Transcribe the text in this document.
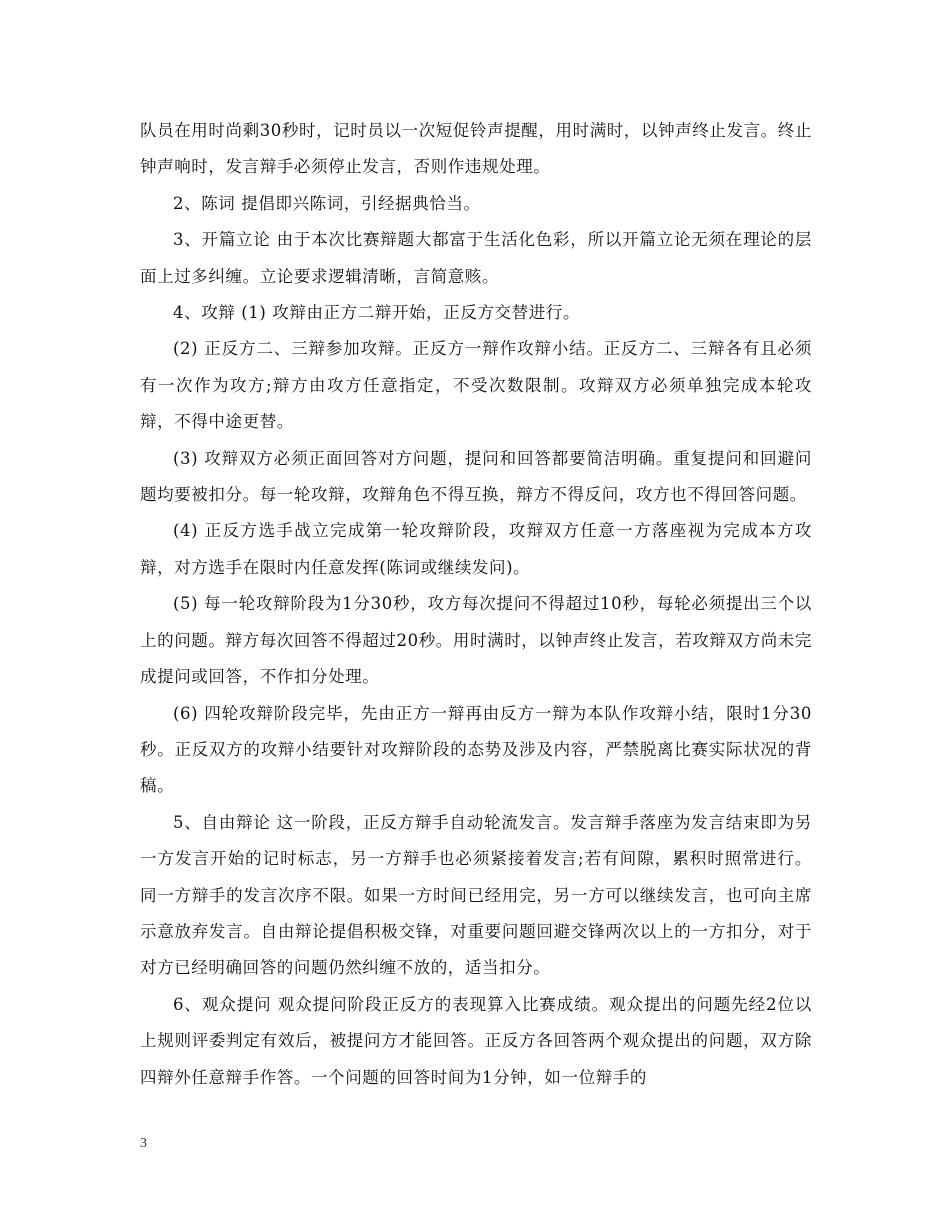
队员在用时尚剩30秒时，记时员以一次短促铃声提醒，用时满时，以钟声终止发言。终止钟声响时，发言辩手必须停止发言，否则作违规处理。

2、陈词 提倡即兴陈词，引经据典恰当。

3、开篇立论 由于本次比赛辩题大都富于生活化色彩，所以开篇立论无须在理论的层面上过多纠缠。立论要求逻辑清晰，言简意赅。

4、攻辩 (1) 攻辩由正方二辩开始，正反方交替进行。

(2) 正反方二、三辩参加攻辩。正反方一辩作攻辩小结。正反方二、三辩各有且必须有一次作为攻方;辩方由攻方任意指定，不受次数限制。攻辩双方必须单独完成本轮攻辩，不得中途更替。

(3) 攻辩双方必须正面回答对方问题，提问和回答都要简洁明确。重复提问和回避问题均要被扣分。每一轮攻辩，攻辩角色不得互换，辩方不得反问，攻方也不得回答问题。

(4) 正反方选手战立完成第一轮攻辩阶段，攻辩双方任意一方落座视为完成本方攻辩，对方选手在限时内任意发挥(陈词或继续发问)。

(5) 每一轮攻辩阶段为1分30秒，攻方每次提问不得超过10秒，每轮必须提出三个以上的问题。辩方每次回答不得超过20秒。用时满时，以钟声终止发言，若攻辩双方尚未完成提问或回答，不作扣分处理。

(6) 四轮攻辩阶段完毕，先由正方一辩再由反方一辩为本队作攻辩小结，限时1分30秒。正反双方的攻辩小结要针对攻辩阶段的态势及涉及内容，严禁脱离比赛实际状况的背稿。

5、自由辩论 这一阶段，正反方辩手自动轮流发言。发言辩手落座为发言结束即为另一方发言开始的记时标志，另一方辩手也必须紧接着发言;若有间隙，累积时照常进行。同一方辩手的发言次序不限。如果一方时间已经用完，另一方可以继续发言，也可向主席示意放弃发言。自由辩论提倡积极交锋，对重要问题回避交锋两次以上的一方扣分，对于对方已经明确回答的问题仍然纠缠不放的，适当扣分。

6、观众提问 观众提问阶段正反方的表现算入比赛成绩。观众提出的问题先经2位以上规则评委判定有效后，被提问方才能回答。正反方各回答两个观众提出的问题，双方除四辩外任意辩手作答。一个问题的回答时间为1分钟，如一位辩手的

3
